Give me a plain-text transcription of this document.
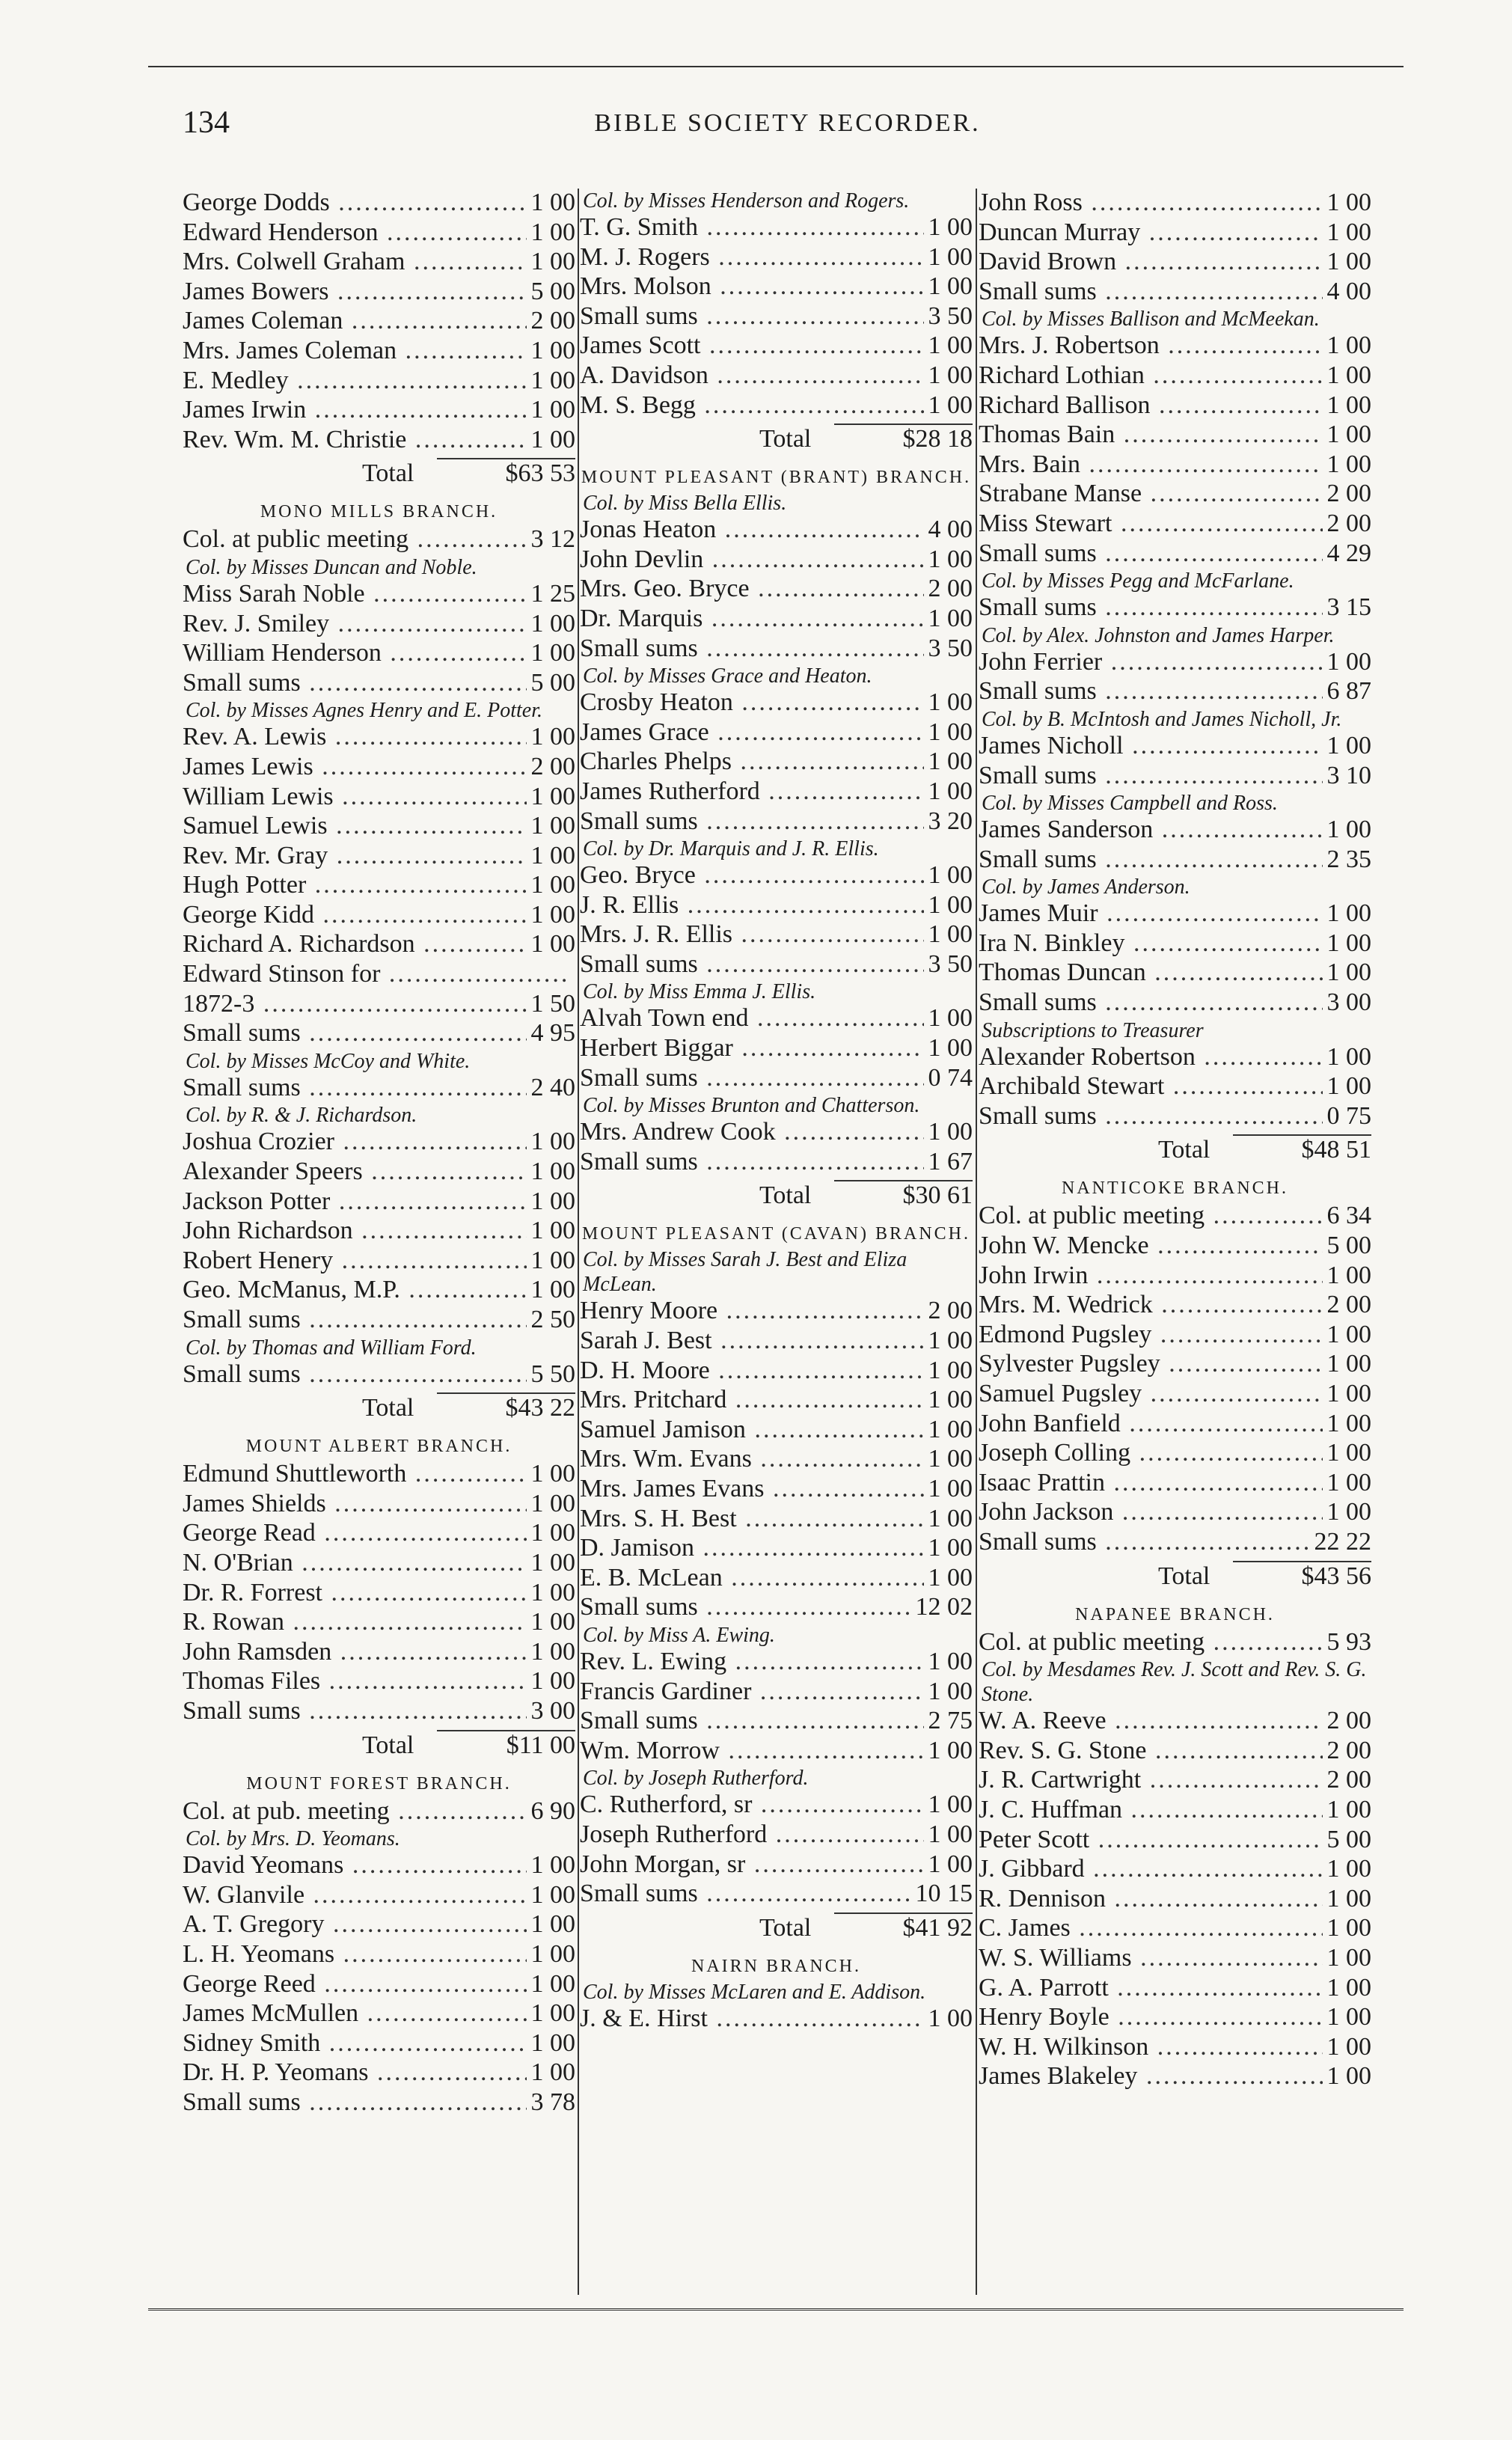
134	BIBLE SOCIETY RECORDER.
George Dodds .....	1 00
Edward Henderson .....	1 00
Mrs. Colwell Graham .....	1 00
James Bowers .....	5 00
James Coleman .....	2 00
Mrs. James Coleman .....	1 00
E. Medley .....	1 00
James Irwin .....	1 00
Rev. Wm. M. Christie .....	1 00
Total	$63 53
MONO MILLS BRANCH.
Col. at public meeting .....	3 12
Col. by Misses Duncan and Noble.
Miss Sarah Noble .....	1 25
Rev. J. Smiley .....	1 00
William Henderson .....	1 00
Small sums .....	5 00
Col. by Misses Agnes Henry and E. Potter.
Rev. A. Lewis .....	1 00
James Lewis .....	2 00
William Lewis .....	1 00
Samuel Lewis .....	1 00
Rev. Mr. Gray .....	1 00
Hugh Potter .....	1 00
George Kidd .....	1 00
Richard A. Richardson .....	1 00
Edward Stinson for .....
1872-3 .....	1 50
Small sums .....	4 95
Col. by Misses McCoy and White.
Small sums .....	2 40
Col. by R. & J. Richardson.
Joshua Crozier .....	1 00
Alexander Speers .....	1 00
Jackson Potter .....	1 00
John Richardson .....	1 00
Robert Henery .....	1 00
Geo. McManus, M.P. .....	1 00
Small sums .....	2 50
Col. by Thomas and William Ford.
Small sums .....	5 50
Total	$43 22
MOUNT ALBERT BRANCH.
Edmund Shuttleworth .....	1 00
James Shields .....	1 00
George Read .....	1 00
N. O'Brian .....	1 00
Dr. R. Forrest .....	1 00
R. Rowan .....	1 00
John Ramsden .....	1 00
Thomas Files .....	1 00
Small sums .....	3 00
Total	$11 00
MOUNT FOREST BRANCH.
Col. at pub. meeting .....	6 90
Col. by Mrs. D. Yeomans.
David Yeomans .....	1 00
W. Glanvile .....	1 00
A. T. Gregory .....	1 00
L. H. Yeomans .....	1 00
George Reed .....	1 00
James McMullen .....	1 00
Sidney Smith .....	1 00
Dr. H. P. Yeomans .....	1 00
Small sums .....	3 78
Col. by Misses Henderson and Rogers.
T. G. Smith .....	1 00
M. J. Rogers .....	1 00
Mrs. Molson .....	1 00
Small sums .....	3 50
James Scott .....	1 00
A. Davidson .....	1 00
M. S. Begg .....	1 00
Total	$28 18
MOUNT PLEASANT (BRANT) BRANCH.
Col. by Miss Bella Ellis.
Jonas Heaton .....	4 00
John Devlin .....	1 00
Mrs. Geo. Bryce .....	2 00
Dr. Marquis .....	1 00
Small sums .....	3 50
Col. by Misses Grace and Heaton.
Crosby Heaton .....	1 00
James Grace .....	1 00
Charles Phelps .....	1 00
James Rutherford .....	1 00
Small sums .....	3 20
Col. by Dr. Marquis and J. R. Ellis.
Geo. Bryce .....	1 00
J. R. Ellis .....	1 00
Mrs. J. R. Ellis .....	1 00
Small sums .....	3 50
Col. by Miss Emma J. Ellis.
Alvah Town end .....	1 00
Herbert Biggar .....	1 00
Small sums .....	0 74
Col. by Misses Brunton and Chatterson.
Mrs. Andrew Cook .....	1 00
Small sums .....	1 67
Total	$30 61
MOUNT PLEASANT (CAVAN) BRANCH.
Col. by Misses Sarah J. Best and Eliza McLean.
Henry Moore .....	2 00
Sarah J. Best .....	1 00
D. H. Moore .....	1 00
Mrs. Pritchard .....	1 00
Samuel Jamison .....	1 00
Mrs. Wm. Evans .....	1 00
Mrs. James Evans .....	1 00
Mrs. S. H. Best .....	1 00
D. Jamison .....	1 00
E. B. McLean .....	1 00
Small sums .....	12 02
Col. by Miss A. Ewing.
Rev. L. Ewing .....	1 00
Francis Gardiner .....	1 00
Small sums .....	2 75
Wm. Morrow .....	1 00
Col. by Joseph Rutherford.
C. Rutherford, sr .....	1 00
Joseph Rutherford .....	1 00
John Morgan, sr .....	1 00
Small sums .....	10 15
Total	$41 92
NAIRN BRANCH.
Col. by Misses McLaren and E. Addison.
J. & E. Hirst .....	1 00
John Ross .....	1 00
Duncan Murray .....	1 00
David Brown .....	1 00
Small sums .....	4 00
Col. by Misses Ballison and McMeekan.
Mrs. J. Robertson .....	1 00
Richard Lothian .....	1 00
Richard Ballison .....	1 00
Thomas Bain .....	1 00
Mrs. Bain .....	1 00
Strabane Manse .....	2 00
Miss Stewart .....	2 00
Small sums .....	4 29
Col. by Misses Pegg and McFarlane.
Small sums .....	3 15
Col. by Alex. Johnston and James Harper.
John Ferrier .....	1 00
Small sums .....	6 87
Col. by B. McIntosh and James Nicholl, Jr.
James Nicholl .....	1 00
Small sums .....	3 10
Col. by Misses Campbell and Ross.
James Sanderson .....	1 00
Small sums .....	2 35
Col. by James Anderson.
James Muir .....	1 00
Ira N. Binkley .....	1 00
Thomas Duncan .....	1 00
Small sums .....	3 00
Subscriptions to Treasurer
Alexander Robertson .....	1 00
Archibald Stewart .....	1 00
Small sums .....	0 75
Total	$48 51
NANTICOKE BRANCH.
Col. at public meeting .....	6 34
John W. Mencke .....	5 00
John Irwin .....	1 00
Mrs. M. Wedrick .....	2 00
Edmond Pugsley .....	1 00
Sylvester Pugsley .....	1 00
Samuel Pugsley .....	1 00
John Banfield .....	1 00
Joseph Colling .....	1 00
Isaac Prattin .....	1 00
John Jackson .....	1 00
Small sums .....	22 22
Total	$43 56
NAPANEE BRANCH.
Col. at public meeting .....	5 93
Col. by Mesdames Rev. J. Scott and Rev. S. G. Stone.
W. A. Reeve .....	2 00
Rev. S. G. Stone .....	2 00
J. R. Cartwright .....	2 00
J. C. Huffman .....	1 00
Peter Scott .....	5 00
J. Gibbard .....	1 00
R. Dennison .....	1 00
C. James .....	1 00
W. S. Williams .....	1 00
G. A. Parrott .....	1 00
Henry Boyle .....	1 00
W. H. Wilkinson .....	1 00
James Blakeley .....	1 00
